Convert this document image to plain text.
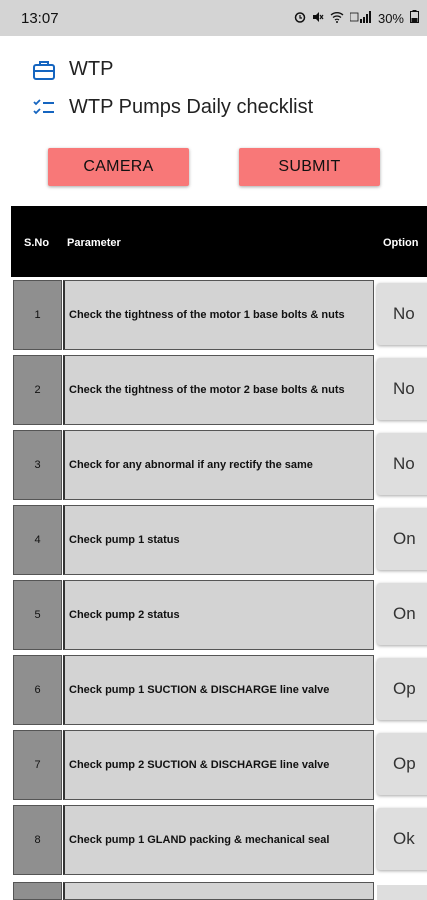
13:07	30%
WTP
WTP Pumps Daily checklist
CAMERA	SUBMIT
S.No Parameter	Option
1	Check the tightness of the motor 1 base bolts & nuts	No
2	Check the tightness of the motor 2 base bolts & nuts	No
3	Check for any abnormal if any rectify the same	No
4	Check pump 1 status	On
5	Check pump 2 status	On
6	Check pump 1 SUCTION & DISCHARGE line valve	Op
7	Check pump 2 SUCTION & DISCHARGE line valve	Op
8	Check pump 1 GLAND packing & mechanical seal	Ok
